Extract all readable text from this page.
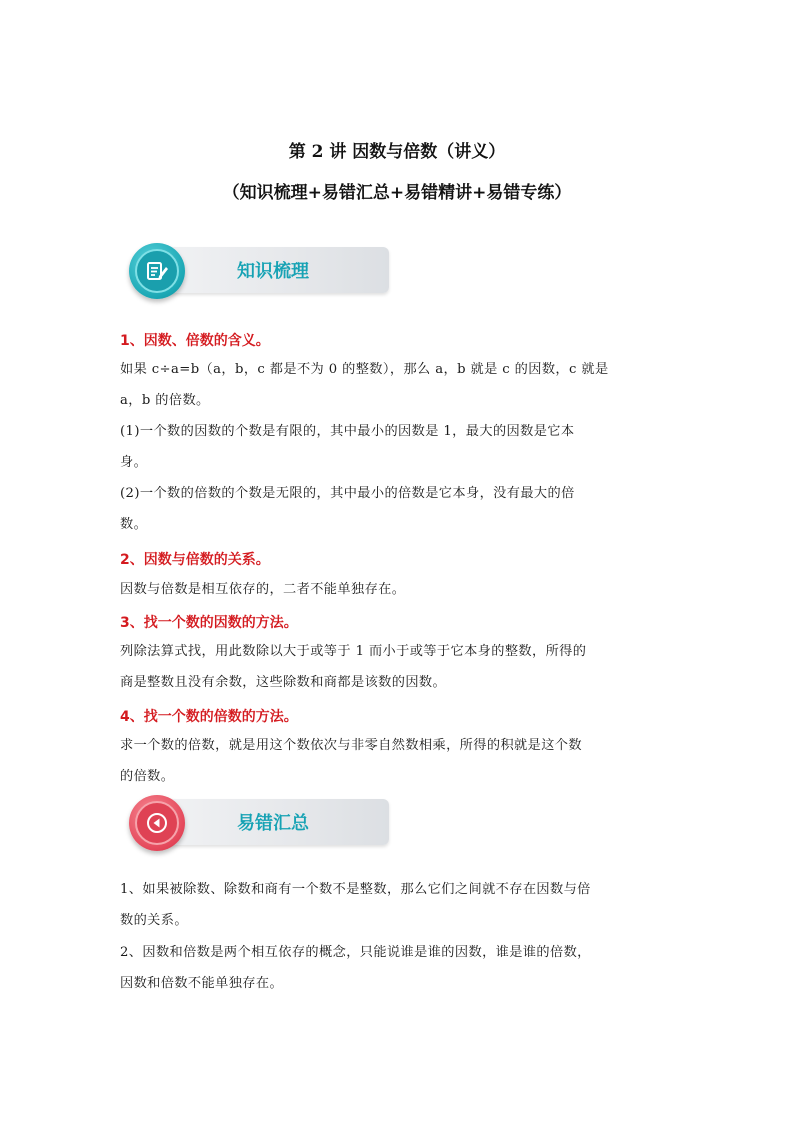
第 2 讲 因数与倍数（讲义）
（知识梳理+易错汇总+易错精讲+易错专练）
知识梳理
1、因数、倍数的含义。
如果 c÷a=b（a，b，c 都是不为 0 的整数），那么 a，b 就是 c 的因数，c 就是
a，b 的倍数。
(1)一个数的因数的个数是有限的，其中最小的因数是 1，最大的因数是它本
身。
(2)一个数的倍数的个数是无限的，其中最小的倍数是它本身，没有最大的倍
数。
2、因数与倍数的关系。
因数与倍数是相互依存的，二者不能单独存在。
3、找一个数的因数的方法。
列除法算式找，用此数除以大于或等于 1 而小于或等于它本身的整数，所得的
商是整数且没有余数，这些除数和商都是该数的因数。
4、找一个数的倍数的方法。
求一个数的倍数，就是用这个数依次与非零自然数相乘，所得的积就是这个数
的倍数。
易错汇总
1、如果被除数、除数和商有一个数不是整数，那么它们之间就不存在因数与倍
数的关系。
2、因数和倍数是两个相互依存的概念，只能说谁是谁的因数，谁是谁的倍数，
因数和倍数不能单独存在。
